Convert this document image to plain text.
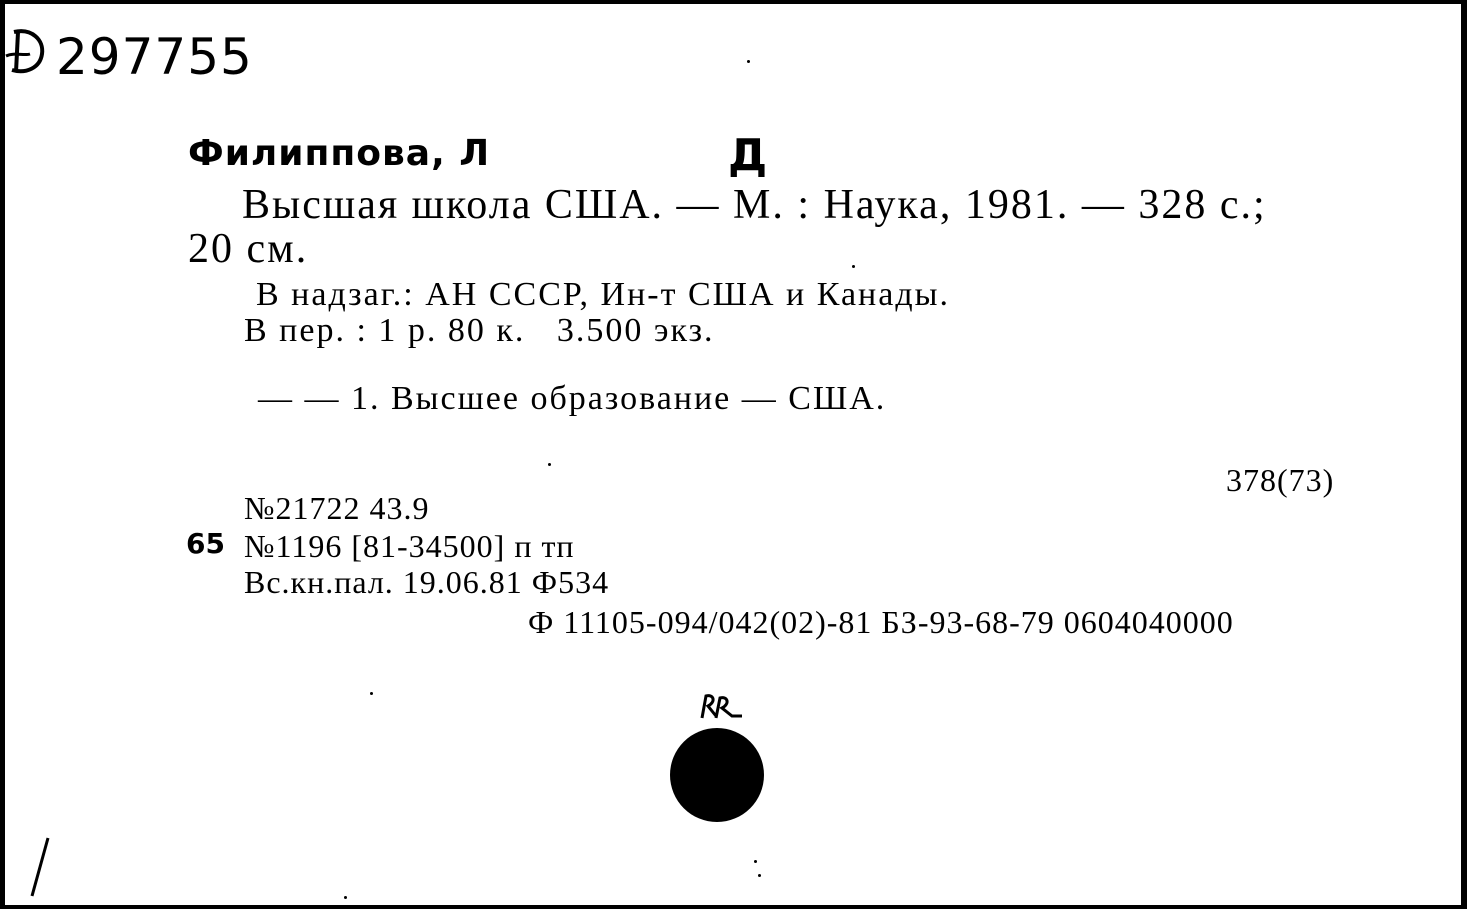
297755
Филиппова, Л	Д
Высшая школа США. — М. : Наука, 1981. — 328 с.;
20 см.
В надзаг.: АН СССР, Ин-т США и Канады.
В пер. : 1 р. 80 к.   3.500 экз.
— — 1. Высшее образование — США.
378(73)
№21722 43.9
65 №1196 [81-34500] п тп
Вс.кн.пал. 19.06.81 Ф534
Ф 11105-094/042(02)-81 БЗ-93-68-79 0604040000
